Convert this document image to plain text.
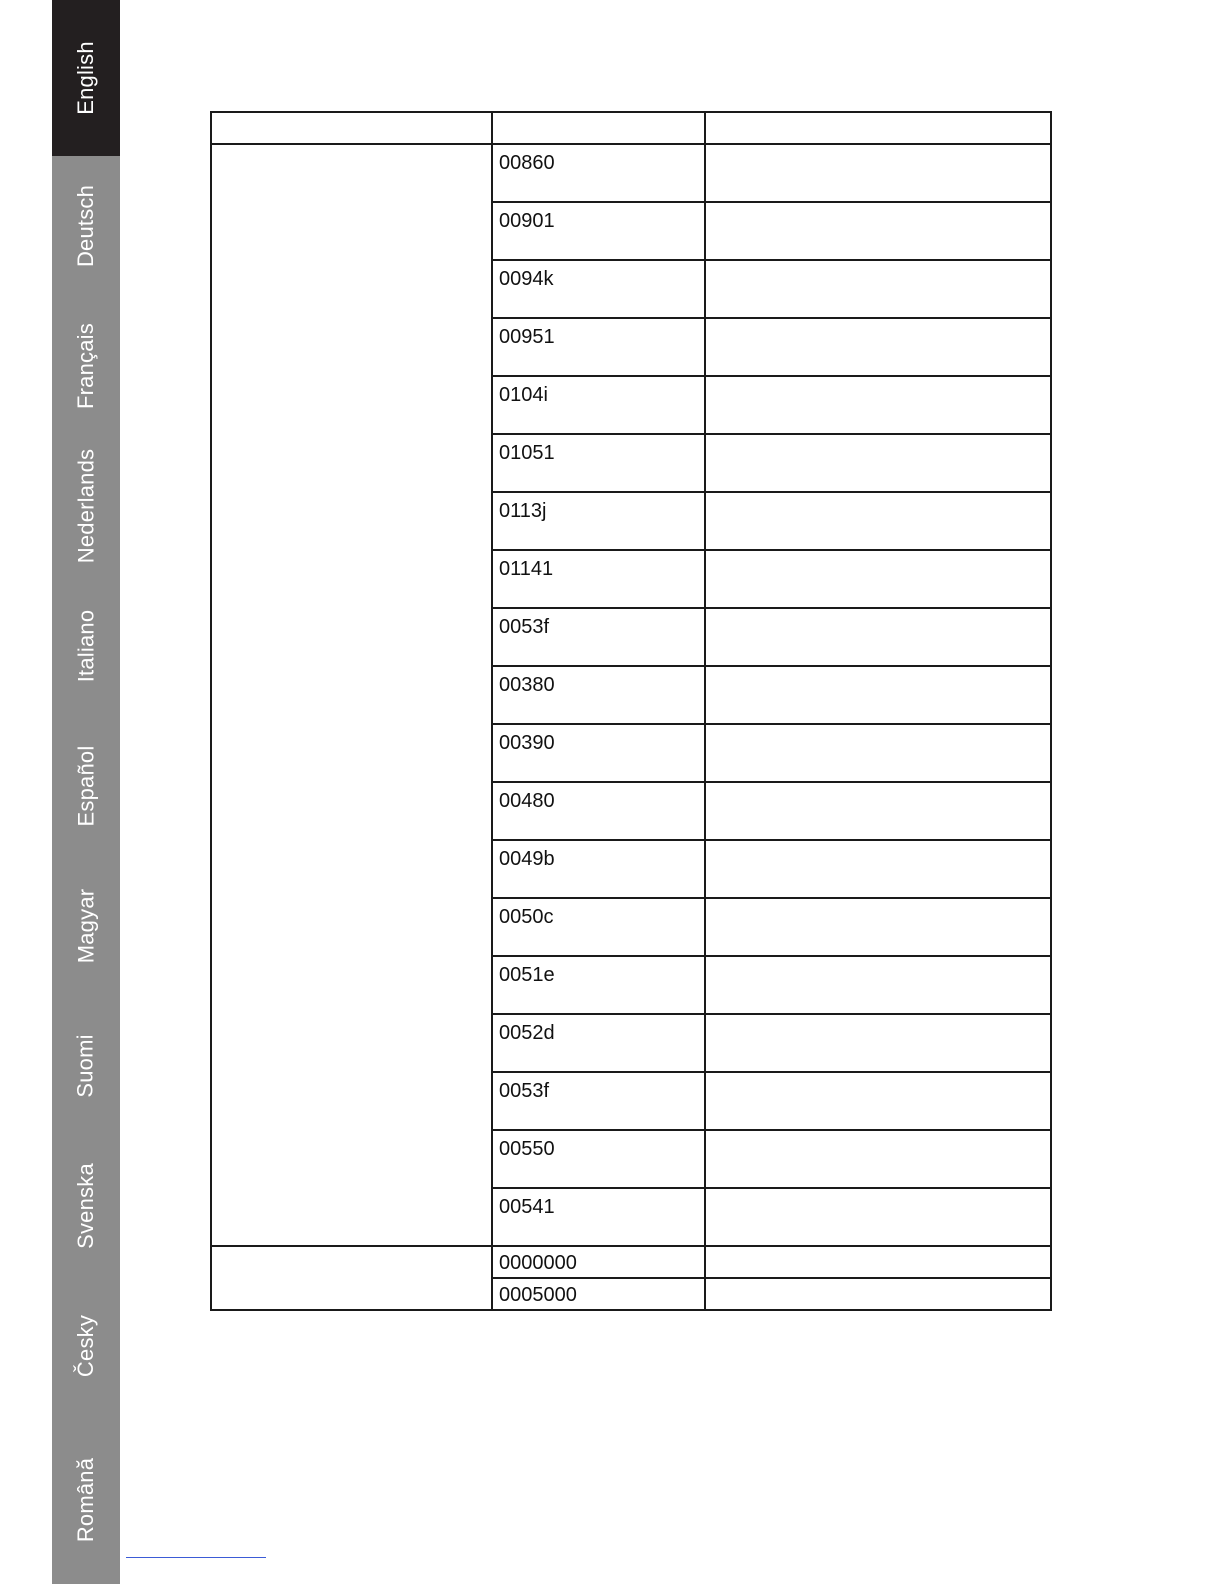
English
Deutsch
Français
Nederlands
Italiano
Español
Magyar
Suomi
Svenska
Česky
Română

	00860	

	00901	

	0094k	

	00951	

	0104i	

	01051	

	0113j	

	01141	

	0053f	

	00380	

	00390	

	00480	

	0049b	

	0050c	

	0051e	

	0052d	

	0053f	

	00550	

	00541	

	0000000	

	0005000	
